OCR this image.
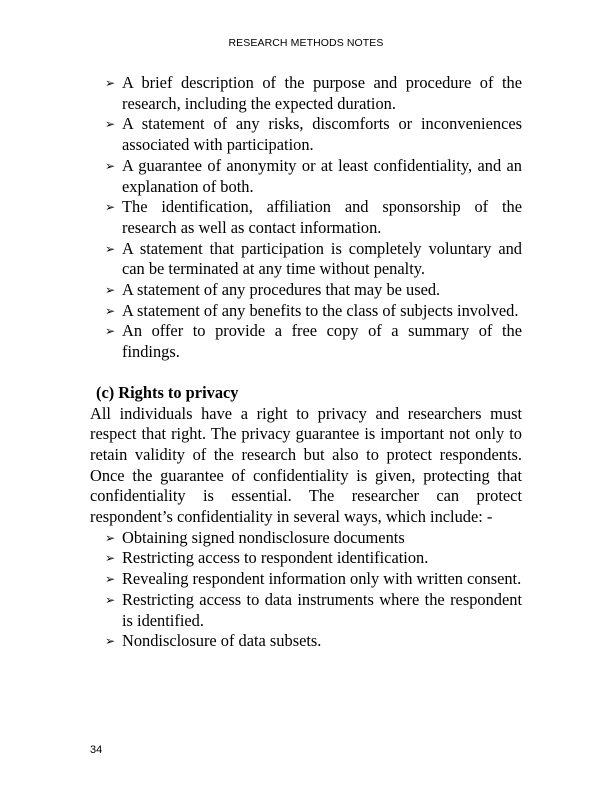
RESEARCH METHODS NOTES
➢ A brief description of the purpose and procedure of the research, including the expected duration.
➢ A statement of any risks, discomforts or inconveniences associated with participation.
➢ A guarantee of anonymity or at least confidentiality, and an explanation of both.
➢ The identification, affiliation and sponsorship of the research as well as contact information.
➢ A statement that participation is completely voluntary and can be terminated at any time without penalty.
➢ A statement of any procedures that may be used.
➢ A statement of any benefits to the class of subjects involved.
➢ An offer to provide a free copy of a summary of the findings.

(c) Rights to privacy

All individuals have a right to privacy and researchers must respect that right. The privacy guarantee is important not only to retain validity of the research but also to protect respondents. Once the guarantee of confidentiality is given, protecting that confidentiality is essential. The researcher can protect respondent’s confidentiality in several ways, which include: -

➢ Obtaining signed nondisclosure documents
➢ Restricting access to respondent identification.
➢ Revealing respondent information only with written consent.
➢ Restricting access to data instruments where the respondent is identified.
➢ Nondisclosure of data subsets.
34
